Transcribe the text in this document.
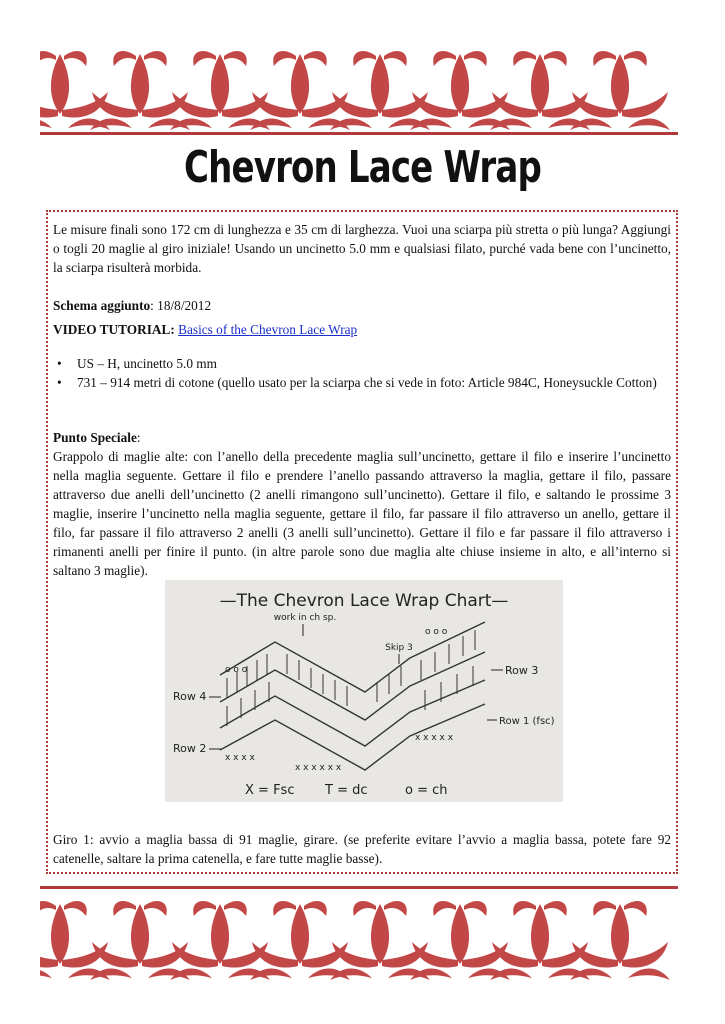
Chevron Lace Wrap
Le misure finali sono 172 cm di lunghezza e 35 cm di larghezza. Vuoi una sciarpa più stretta o più lunga? Aggiungi o togli 20 maglie al giro iniziale! Usando un uncinetto 5.0 mm e qualsiasi filato, purché vada bene con l’uncinetto, la sciarpa risulterà morbida.
Schema aggiunto: 18/8/2012
VIDEO TUTORIAL: Basics of the Chevron Lace Wrap
• US – H, uncinetto 5.0 mm
• 731 – 914 metri di cotone (quello usato per la sciarpa che si vede in foto: Article 984C, Honeysuckle Cotton)
Punto Speciale:
Grappolo di maglie alte: con l’anello della precedente maglia sull’uncinetto, gettare il filo e inserire l’uncinetto nella maglia seguente. Gettare il filo e prendere l’anello passando attraverso la maglia, gettare il filo, passare attraverso due anelli dell’uncinetto (2 anelli rimangono sull’uncinetto). Gettare il filo, e saltando le prossime 3 maglie, inserire l’uncinetto nella maglia seguente, gettare il filo, far passare il filo attraverso un anello, gettare il filo, far passare il filo attraverso 2 anelli (3 anelli sull’uncinetto). Gettare il filo e far passare il filo attraverso i rimanenti anelli per finire il punto. (in altre parole sono due maglia alte chiuse insieme in alto, e all’interno si saltano 3 maglie).
—The Chevron Lace Wrap Chart—
work in ch sp.
Skip 3
x x x x
x x x x x x
x x x x x
o o o
o o o
Row 4
Row 2
Row 3
Row 1 (fsc)
X = Fsc T = dc	o = ch
Giro 1: avvio a maglia bassa di 91 maglie, girare. (se preferite evitare l’avvio a maglia bassa, potete fare 92 catenelle, saltare la prima catenella, e fare tutte maglie basse).
